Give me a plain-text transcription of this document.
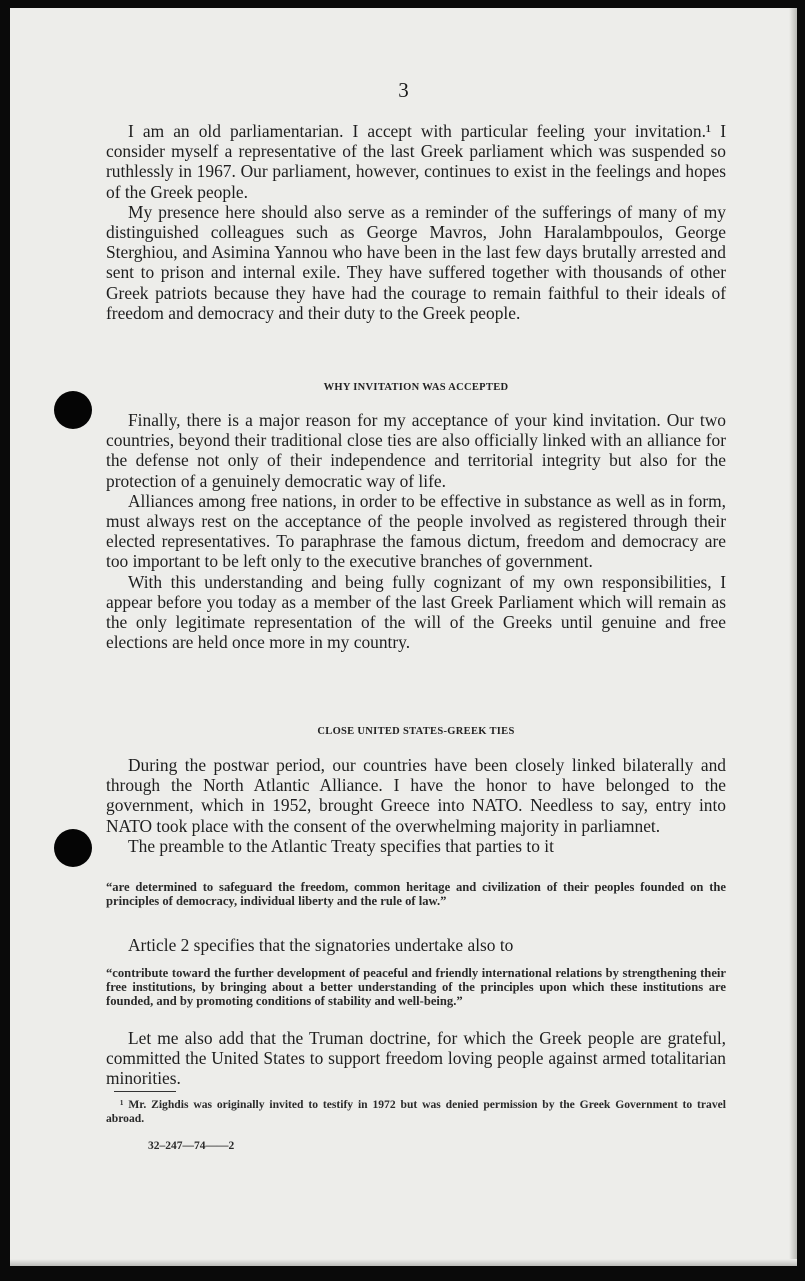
3

I am an old parliamentarian. I accept with particular feeling your invitation.¹ I consider myself a representative of the last Greek parliament which was suspended so ruthlessly in 1967. Our parliament, however, continues to exist in the feelings and hopes of the Greek people.

My presence here should also serve as a reminder of the sufferings of many of my distinguished colleagues such as George Mavros, John Haralambpoulos, George Sterghiou, and Asimina Yannou who have been in the last few days brutally arrested and sent to prison and internal exile. They have suffered together with thousands of other Greek patriots because they have had the courage to remain faithful to their ideals of freedom and democracy and their duty to the Greek people.

WHY INVITATION WAS ACCEPTED

Finally, there is a major reason for my acceptance of your kind invitation. Our two countries, beyond their traditional close ties are also officially linked with an alliance for the defense not only of their independence and territorial integrity but also for the protection of a genuinely democratic way of life.

Alliances among free nations, in order to be effective in substance as well as in form, must always rest on the acceptance of the people involved as registered through their elected representatives. To paraphrase the famous dictum, freedom and democracy are too important to be left only to the executive branches of government.

With this understanding and being fully cognizant of my own responsibilities, I appear before you today as a member of the last Greek Parliament which will remain as the only legitimate representation of the will of the Greeks until genuine and free elections are held once more in my country.

CLOSE UNITED STATES-GREEK TIES

During the postwar period, our countries have been closely linked bilaterally and through the North Atlantic Alliance. I have the honor to have belonged to the government, which in 1952, brought Greece into NATO. Needless to say, entry into NATO took place with the consent of the overwhelming majority in parliamnet.

The preamble to the Atlantic Treaty specifies that parties to it

“are determined to safeguard the freedom, common heritage and civilization of their peoples founded on the principles of democracy, individual liberty and the rule of law.”

Article 2 specifies that the signatories undertake also to

“contribute toward the further development of peaceful and friendly international relations by strengthening their free institutions, by bringing about a better understanding of the principles upon which these institutions are founded, and by promoting conditions of stability and well-being.”

Let me also add that the Truman doctrine, for which the Greek people are grateful, committed the United States to support freedom loving people against armed totalitarian minorities.

¹ Mr. Zighdis was originally invited to testify in 1972 but was denied permission by the Greek Government to travel abroad.

32–247—74——2
